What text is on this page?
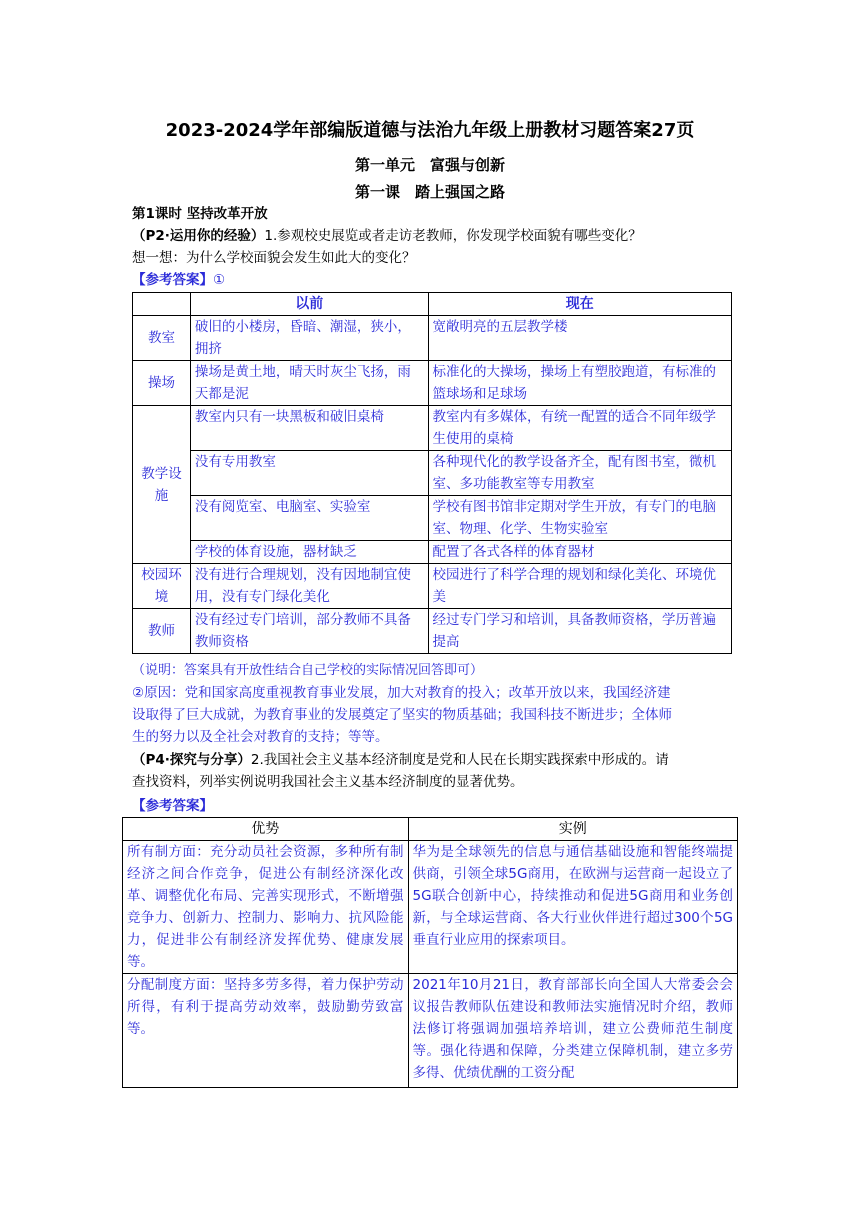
2023-2024学年部编版道德与法治九年级上册教材习题答案27页
第一单元　富强与创新
第一课　踏上强国之路
第1课时 坚持改革开放
（P2·运用你的经验）1.参观校史展览或者走访老教师，你发现学校面貌有哪些变化？
想一想：为什么学校面貌会发生如此大的变化？
【参考答案】①
	以前	现在
教室	破旧的小楼房，昏暗、潮湿，狭小，拥挤	宽敞明亮的五层教学楼
操场	操场是黄土地，晴天时灰尘飞扬，雨天都是泥	标准化的大操场，操场上有塑胶跑道，有标准的篮球场和足球场
教学设施	教室内只有一块黑板和破旧桌椅	教室内有多媒体，有统一配置的适合不同年级学生使用的桌椅
	没有专用教室	各种现代化的教学设备齐全，配有图书室，微机室、多功能教室等专用教室
	没有阅览室、电脑室、实验室	学校有图书馆非定期对学生开放，有专门的电脑室、物理、化学、生物实验室
	学校的体育设施，器材缺乏	配置了各式各样的体育器材
校园环境	没有进行合理规划，没有因地制宜使用，没有专门绿化美化	校园进行了科学合理的规划和绿化美化、环境优美
教师	没有经过专门培训，部分教师不具备教师资格	经过专门学习和培训，具备教师资格，学历普遍提高
（说明：答案具有开放性结合自己学校的实际情况回答即可）
②原因：党和国家高度重视教育事业发展，加大对教育的投入；改革开放以来，我国经济建
设取得了巨大成就，为教育事业的发展奠定了坚实的物质基础；我国科技不断进步；全体师
生的努力以及全社会对教育的支持；等等。
（P4·探究与分享）2.我国社会主义基本经济制度是党和人民在长期实践探索中形成的。请
查找资料，列举实例说明我国社会主义基本经济制度的显著优势。
【参考答案】
优势	实例
所有制方面：充分动员社会资源，多种所有制经济之间合作竞争，促进公有制经济深化改革、调整优化布局、完善实现形式，不断增强竞争力、创新力、控制力、影响力、抗风险能力，促进非公有制经济发挥优势、健康发展等。	华为是全球领先的信息与通信基础设施和智能终端提供商，引领全球5G商用，在欧洲与运营商一起设立了5G联合创新中心，持续推动和促进5G商用和业务创新，与全球运营商、各大行业伙伴进行超过300个5G垂直行业应用的探索项目。
分配制度方面：坚持多劳多得，着力保护劳动所得，有利于提高劳动效率，鼓励勤劳致富等。	2021年10月21日，教育部部长向全国人大常委会会议报告教师队伍建设和教师法实施情况时介绍，教师法修订将强调加强培养培训，建立公费师范生制度等。强化待遇和保障，分类建立保障机制，建立多劳多得、优绩优酬的工资分配
